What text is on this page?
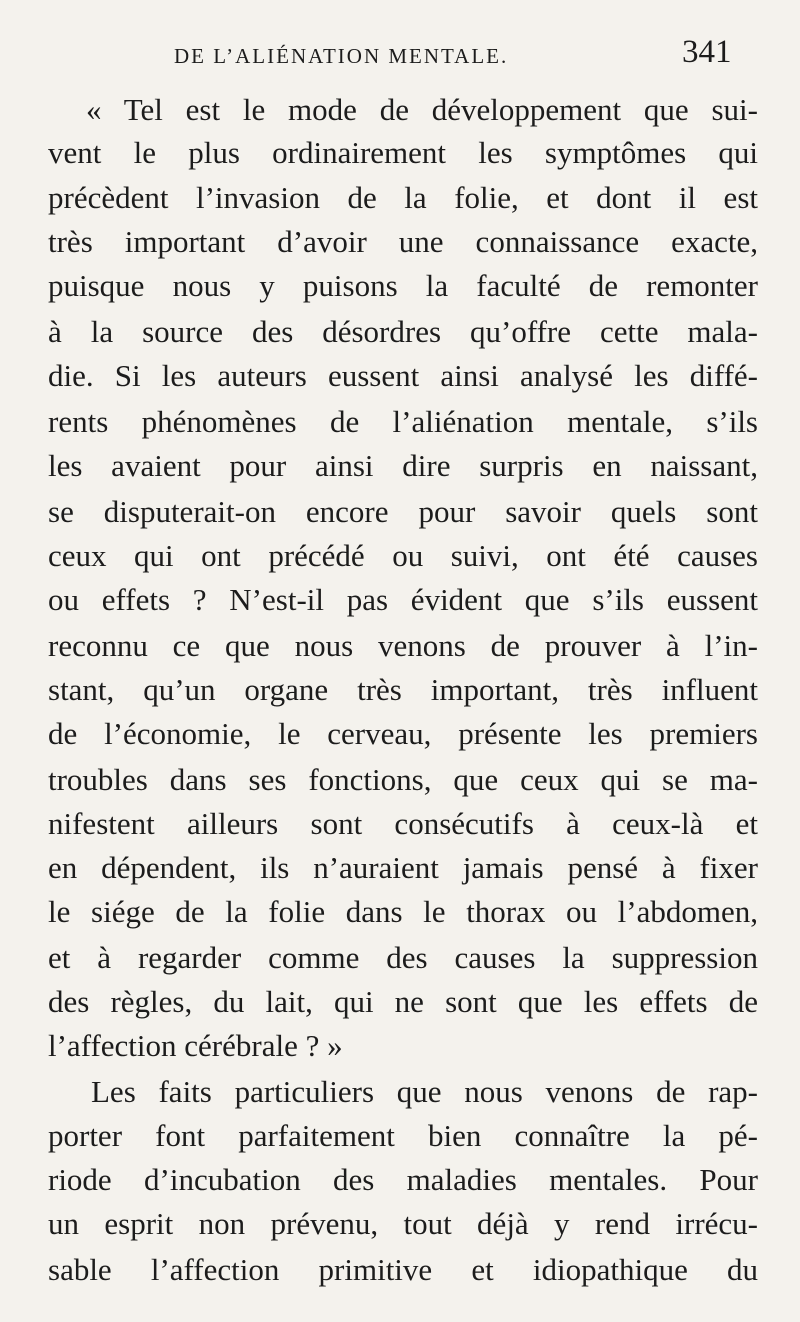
DE L’ALIÉNATION MENTALE.	341
« Tel est le mode de développement que sui-
vent le plus ordinairement les symptômes qui
précèdent l’invasion de la folie, et dont il est
très important d’avoir une connaissance exacte,
puisque nous y puisons la faculté de remonter
à la source des désordres qu’offre cette mala-
die. Si les auteurs eussent ainsi analysé les diffé-
rents phénomènes de l’aliénation mentale, s’ils
les avaient pour ainsi dire surpris en naissant,
se disputerait-on encore pour savoir quels sont
ceux qui ont précédé ou suivi, ont été causes
ou effets ? N’est-il pas évident que s’ils eussent
reconnu ce que nous venons de prouver à l’in-
stant, qu’un organe très important, très influent
de l’économie, le cerveau, présente les premiers
troubles dans ses fonctions, que ceux qui se ma-
nifestent ailleurs sont consécutifs à ceux-là et
en dépendent, ils n’auraient jamais pensé à fixer
le siége de la folie dans le thorax ou l’abdomen,
et à regarder comme des causes la suppression
des règles, du lait, qui ne sont que les effets de
l’affection cérébrale ? »
Les faits particuliers que nous venons de rap-
porter font parfaitement bien connaître la pé-
riode d’incubation des maladies mentales. Pour
un esprit non prévenu, tout déjà y rend irrécu-
sable l’affection primitive et idiopathique du
